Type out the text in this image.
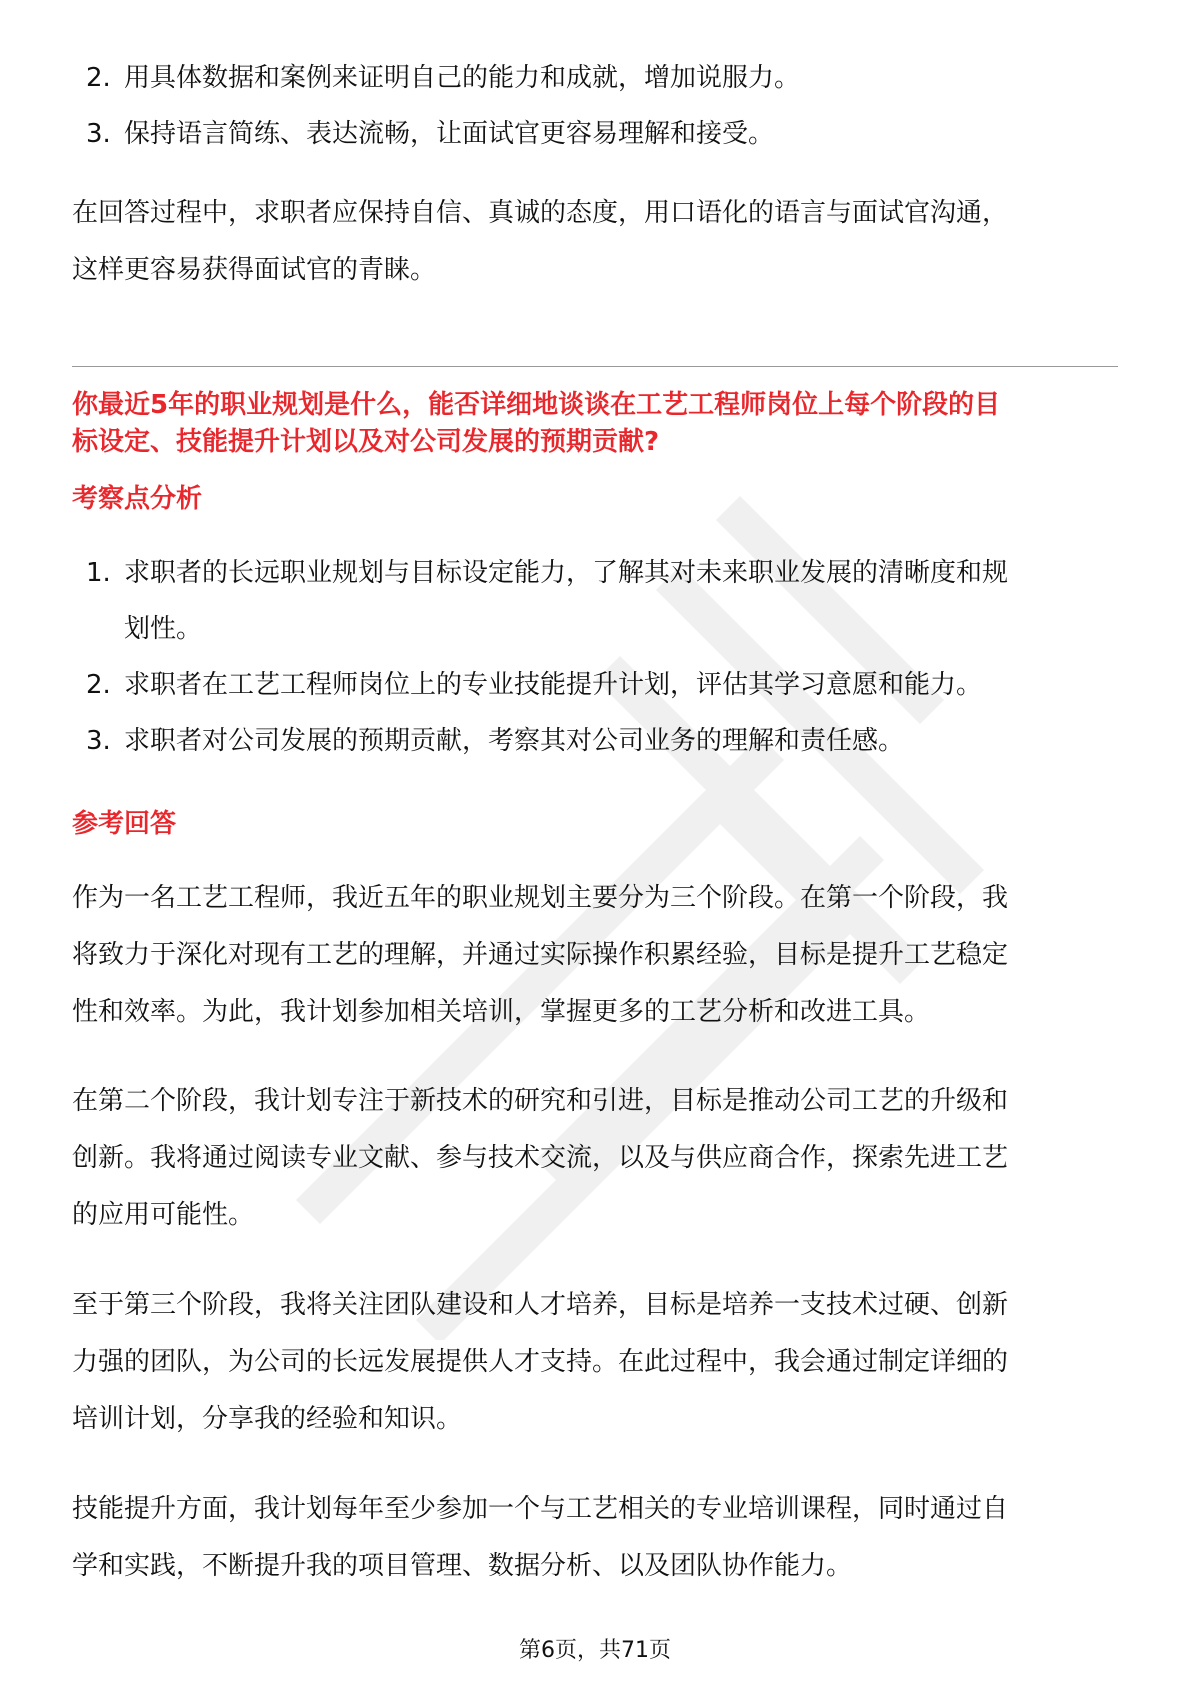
2. 用具体数据和案例来证明自己的能力和成就，增加说服力。
3. 保持语言简练、表达流畅，让面试官更容易理解和接受。

在回答过程中，求职者应保持自信、真诚的态度，用口语化的语言与面试官沟通，

这样更容易获得面试官的青睐。

你最近5年的职业规划是什么，能否详细地谈谈在工艺工程师岗位上每个阶段的目

标设定、技能提升计划以及对公司发展的预期贡献?

考察点分析

1. 求职者的长远职业规划与目标设定能力，了解其对未来职业发展的清晰度和规
划性。
2. 求职者在工艺工程师岗位上的专业技能提升计划，评估其学习意愿和能力。
3. 求职者对公司发展的预期贡献，考察其对公司业务的理解和责任感。

参考回答

作为一名工艺工程师，我近五年的职业规划主要分为三个阶段。在第一个阶段，我

将致力于深化对现有工艺的理解，并通过实际操作积累经验，目标是提升工艺稳定

性和效率。为此，我计划参加相关培训，掌握更多的工艺分析和改进工具。

在第二个阶段，我计划专注于新技术的研究和引进，目标是推动公司工艺的升级和

创新。我将通过阅读专业文献、参与技术交流，以及与供应商合作，探索先进工艺

的应用可能性。

至于第三个阶段，我将关注团队建设和人才培养，目标是培养一支技术过硬、创新

力强的团队，为公司的长远发展提供人才支持。在此过程中，我会通过制定详细的

培训计划，分享我的经验和知识。

技能提升方面，我计划每年至少参加一个与工艺相关的专业培训课程，同时通过自

学和实践，不断提升我的项目管理、数据分析、以及团队协作能力。

第6页，共71页
